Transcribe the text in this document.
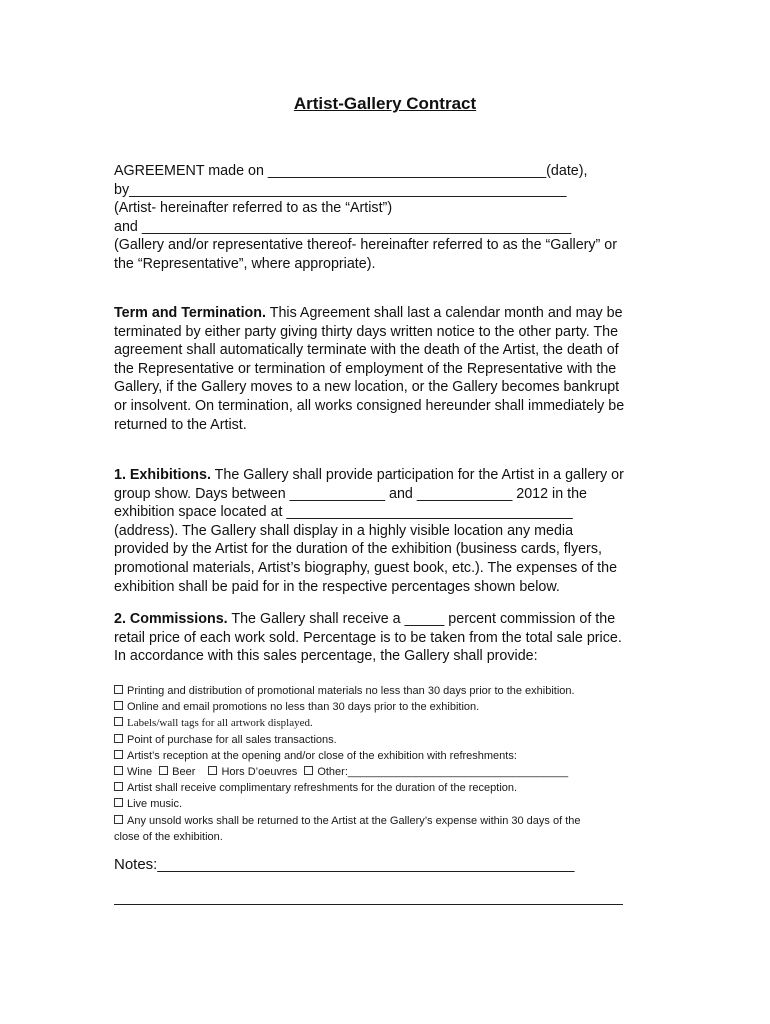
Artist-Gallery Contract
AGREEMENT made on ___________________________________(date),
by_______________________________________________________
(Artist- hereinafter referred to as the “Artist”)
and ______________________________________________________
(Gallery and/or representative thereof- hereinafter referred to as the “Gallery” or
the “Representative”, where appropriate).
Term and Termination. This Agreement shall last a calendar month and may be
terminated by either party giving thirty days written notice to the other party. The
agreement shall automatically terminate with the death of the Artist, the death of
the Representative or termination of employment of the Representative with the
Gallery, if the Gallery moves to a new location, or the Gallery becomes bankrupt
or insolvent. On termination, all works consigned hereunder shall immediately be
returned to the Artist.
1. Exhibitions. The Gallery shall provide participation for the Artist in a gallery or
group show. Days between ____________ and ____________ 2012 in the
exhibition space located at ____________________________________
(address). The Gallery shall display in a highly visible location any media
provided by the Artist for the duration of the exhibition (business cards, flyers,
promotional materials, Artist’s biography, guest book, etc.). The expenses of the
exhibition shall be paid for in the respective percentages shown below.
2. Commissions. The Gallery shall receive a _____ percent commission of the
retail price of each work sold. Percentage is to be taken from the total sale price.
In accordance with this sales percentage, the Gallery shall provide:
Printing and distribution of promotional materials no less than 30 days prior to the exhibition.
Online and email promotions no less than 30 days prior to the exhibition.
Labels/wall tags for all artwork displayed.
Point of purchase for all sales transactions.
Artist’s reception at the opening and/or close of the exhibition with refreshments:
Wine Beer Hors D’oeuvres Other:____________________________________
Artist shall receive complimentary refreshments for the duration of the reception.
Live music.
Any unsold works shall be returned to the Artist at the Gallery’s expense within 30 days of the
close of the exhibition.
Notes:__________________________________________________
_____________________________________________________________
